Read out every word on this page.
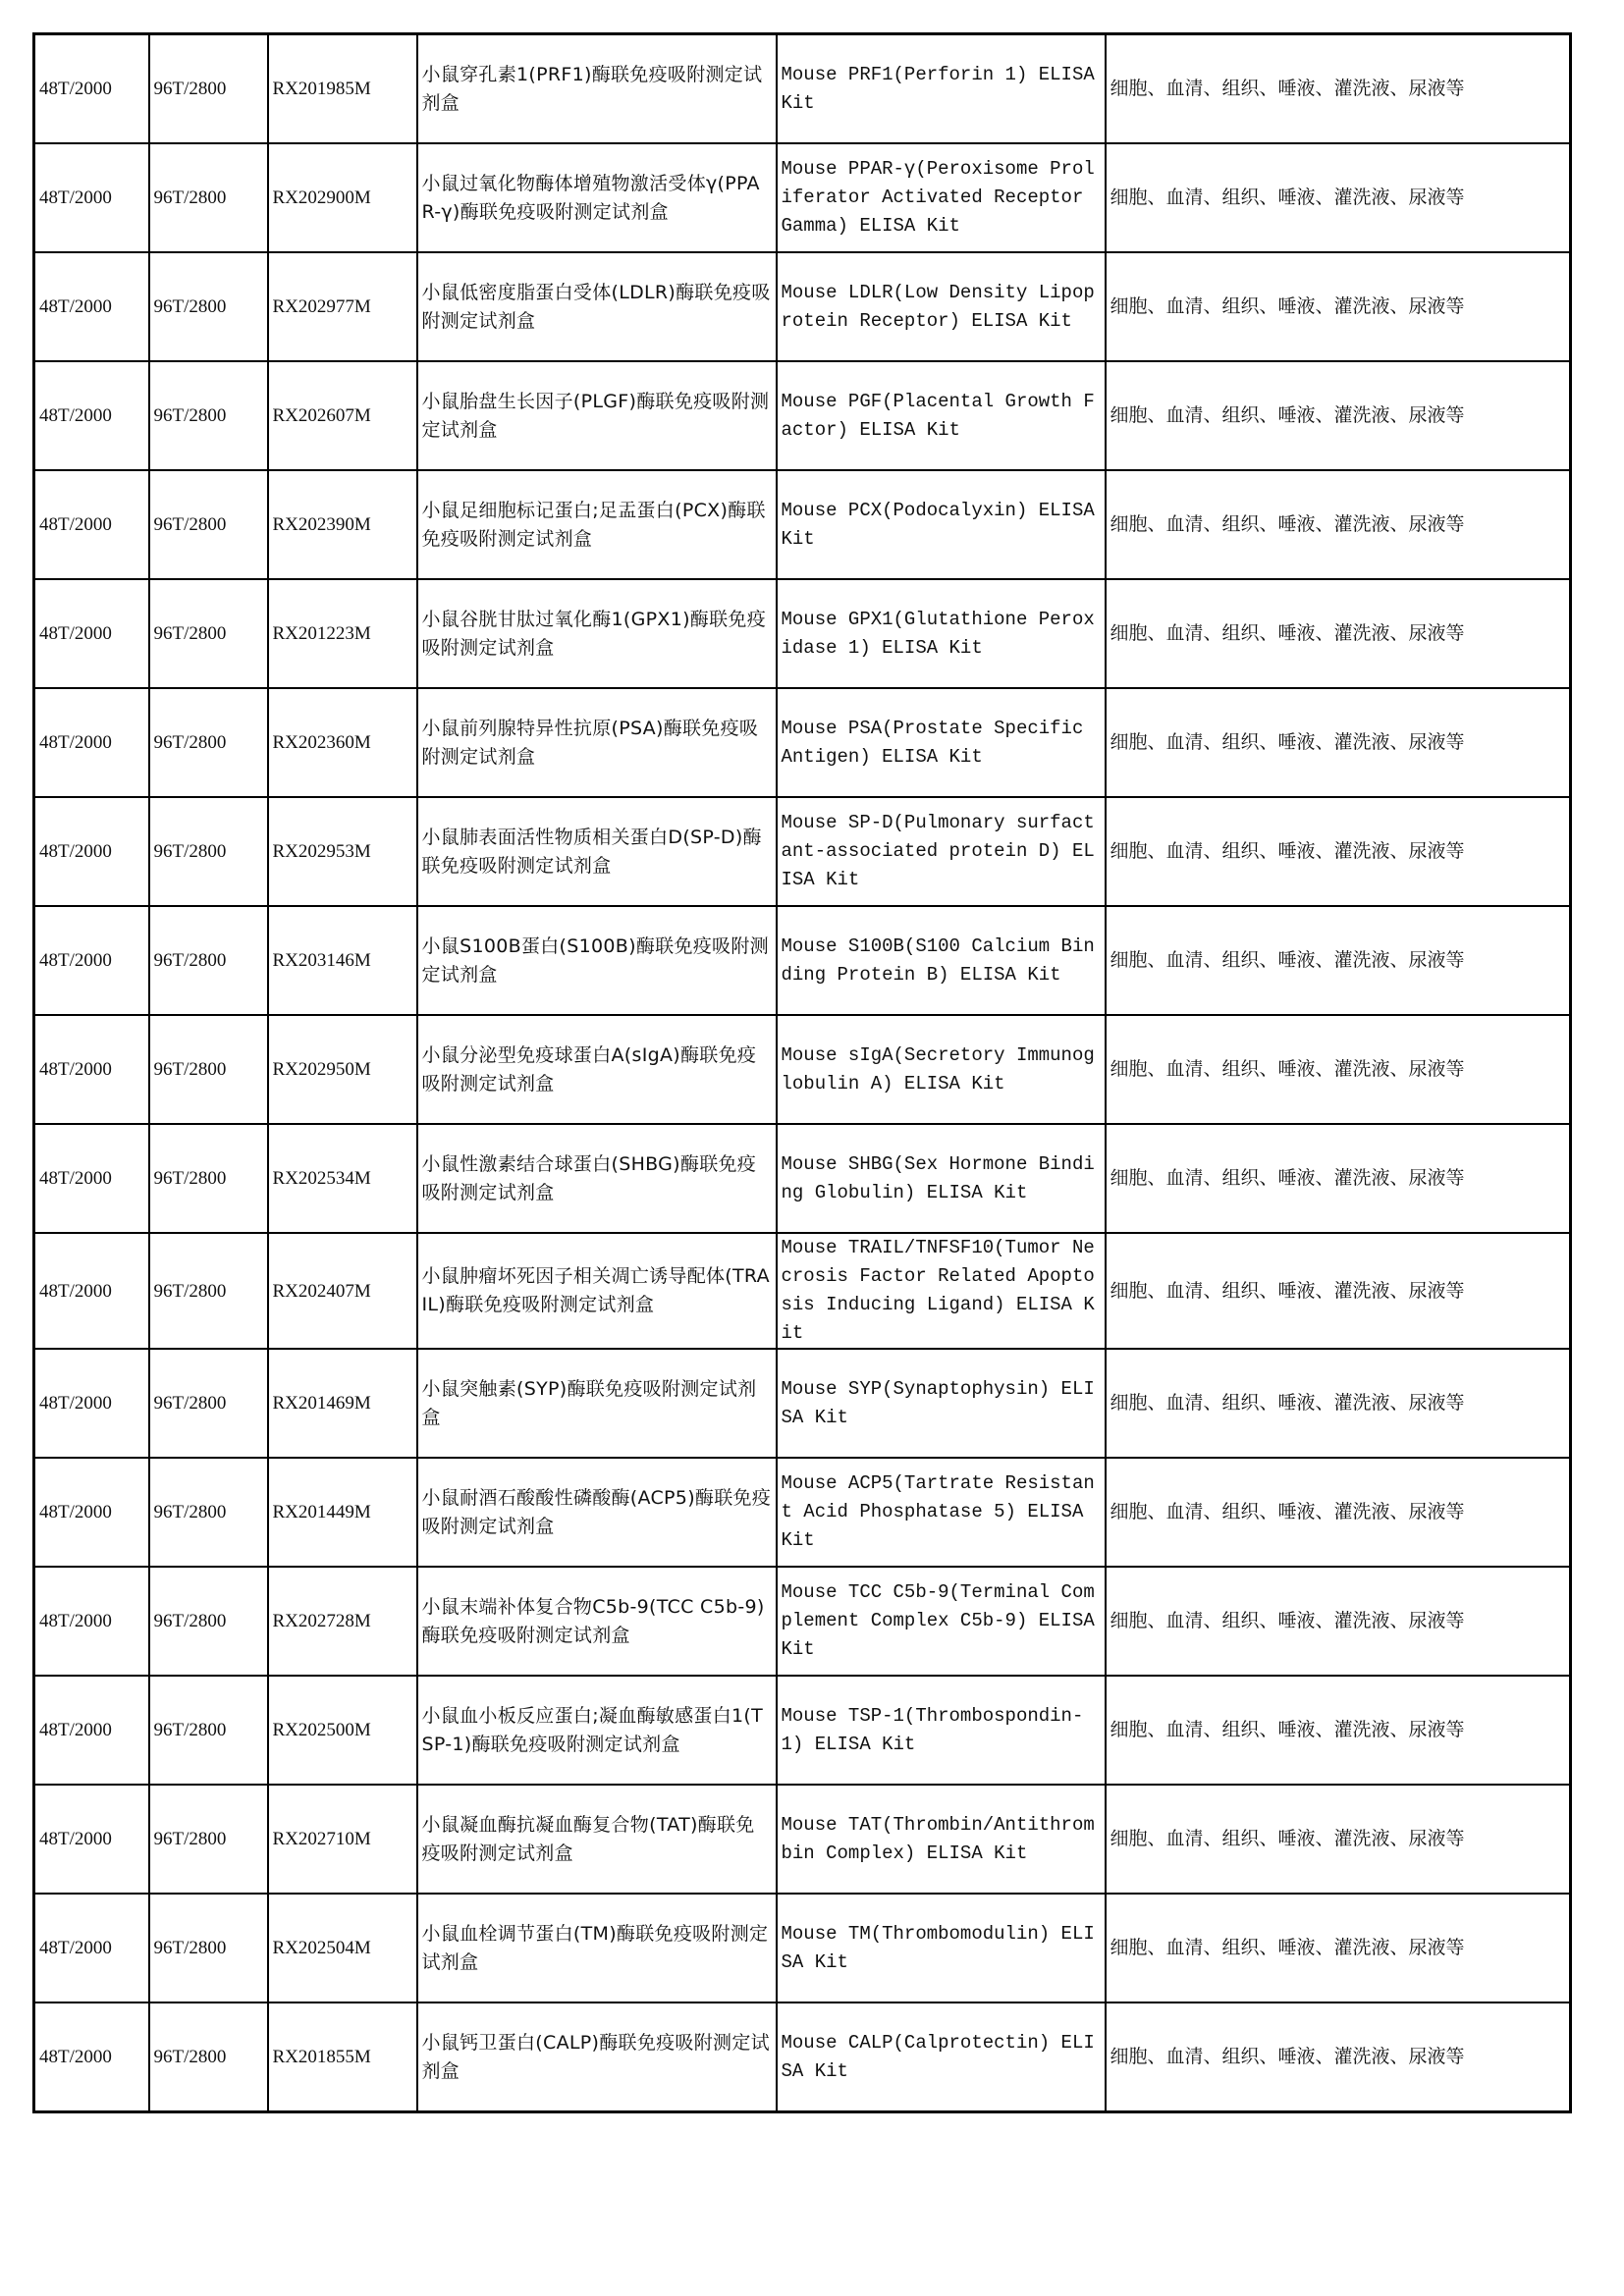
48T/2000	96T/2800	RX201985M	小鼠穿孔素1(PRF1)酶联免疫吸附测定试剂盒	Mouse PRF1(Perforin 1) ELISA Kit	细胞、血清、组织、唾液、灌洗液、尿液等
48T/2000	96T/2800	RX202900M	小鼠过氧化物酶体增殖物激活受体γ(PPAR-γ)酶联免疫吸附测定试剂盒	Mouse PPAR-γ(Peroxisome Proliferator Activated Receptor Gamma) ELISA Kit	细胞、血清、组织、唾液、灌洗液、尿液等
48T/2000	96T/2800	RX202977M	小鼠低密度脂蛋白受体(LDLR)酶联免疫吸附测定试剂盒	Mouse LDLR(Low Density Lipoprotein Receptor) ELISA Kit	细胞、血清、组织、唾液、灌洗液、尿液等
48T/2000	96T/2800	RX202607M	小鼠胎盘生长因子(PLGF)酶联免疫吸附测定试剂盒	Mouse PGF(Placental Growth Factor) ELISA Kit	细胞、血清、组织、唾液、灌洗液、尿液等
48T/2000	96T/2800	RX202390M	小鼠足细胞标记蛋白;足盂蛋白(PCX)酶联免疫吸附测定试剂盒	Mouse PCX(Podocalyxin) ELISA Kit	细胞、血清、组织、唾液、灌洗液、尿液等
48T/2000	96T/2800	RX201223M	小鼠谷胱甘肽过氧化酶1(GPX1)酶联免疫吸附测定试剂盒	Mouse GPX1(Glutathione Peroxidase 1) ELISA Kit	细胞、血清、组织、唾液、灌洗液、尿液等
48T/2000	96T/2800	RX202360M	小鼠前列腺特异性抗原(PSA)酶联免疫吸附测定试剂盒	Mouse PSA(Prostate Specific Antigen) ELISA Kit	细胞、血清、组织、唾液、灌洗液、尿液等
48T/2000	96T/2800	RX202953M	小鼠肺表面活性物质相关蛋白D(SP-D)酶联免疫吸附测定试剂盒	Mouse SP-D(Pulmonary surfactant-associated protein D) ELISA Kit	细胞、血清、组织、唾液、灌洗液、尿液等
48T/2000	96T/2800	RX203146M	小鼠S100B蛋白(S100B)酶联免疫吸附测定试剂盒	Mouse S100B(S100 Calcium Binding Protein B) ELISA Kit	细胞、血清、组织、唾液、灌洗液、尿液等
48T/2000	96T/2800	RX202950M	小鼠分泌型免疫球蛋白A(sIgA)酶联免疫吸附测定试剂盒	Mouse sIgA(Secretory Immunoglobulin A) ELISA Kit	细胞、血清、组织、唾液、灌洗液、尿液等
48T/2000	96T/2800	RX202534M	小鼠性激素结合球蛋白(SHBG)酶联免疫吸附测定试剂盒	Mouse SHBG(Sex Hormone Binding Globulin) ELISA Kit	细胞、血清、组织、唾液、灌洗液、尿液等
48T/2000	96T/2800	RX202407M	小鼠肿瘤坏死因子相关凋亡诱导配体(TRAIL)酶联免疫吸附测定试剂盒	Mouse TRAIL/TNFSF10(Tumor Necrosis Factor Related Apoptosis Inducing Ligand) ELISA Kit	细胞、血清、组织、唾液、灌洗液、尿液等
48T/2000	96T/2800	RX201469M	小鼠突触素(SYP)酶联免疫吸附测定试剂盒	Mouse SYP(Synaptophysin) ELISA Kit	细胞、血清、组织、唾液、灌洗液、尿液等
48T/2000	96T/2800	RX201449M	小鼠耐酒石酸酸性磷酸酶(ACP5)酶联免疫吸附测定试剂盒	Mouse ACP5(Tartrate Resistant Acid Phosphatase 5) ELISA Kit	细胞、血清、组织、唾液、灌洗液、尿液等
48T/2000	96T/2800	RX202728M	小鼠末端补体复合物C5b-9(TCC C5b-9)酶联免疫吸附测定试剂盒	Mouse TCC C5b-9(Terminal Complement Complex C5b-9) ELISA Kit	细胞、血清、组织、唾液、灌洗液、尿液等
48T/2000	96T/2800	RX202500M	小鼠血小板反应蛋白;凝血酶敏感蛋白1(TSP-1)酶联免疫吸附测定试剂盒	Mouse TSP-1(Thrombospondin-1) ELISA Kit	细胞、血清、组织、唾液、灌洗液、尿液等
48T/2000	96T/2800	RX202710M	小鼠凝血酶抗凝血酶复合物(TAT)酶联免疫吸附测定试剂盒	Mouse TAT(Thrombin/Antithrombin Complex) ELISA Kit	细胞、血清、组织、唾液、灌洗液、尿液等
48T/2000	96T/2800	RX202504M	小鼠血栓调节蛋白(TM)酶联免疫吸附测定试剂盒	Mouse TM(Thrombomodulin) ELISA Kit	细胞、血清、组织、唾液、灌洗液、尿液等
48T/2000	96T/2800	RX201855M	小鼠钙卫蛋白(CALP)酶联免疫吸附测定试剂盒	Mouse CALP(Calprotectin) ELISA Kit	细胞、血清、组织、唾液、灌洗液、尿液等
